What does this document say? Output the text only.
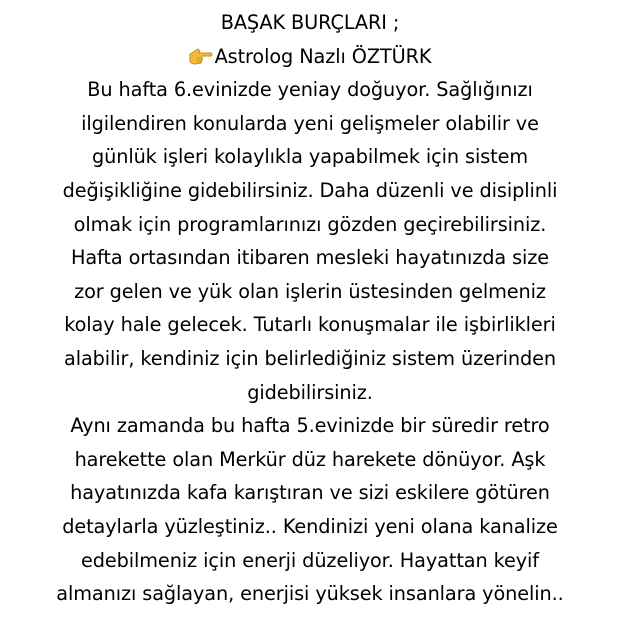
BAŞAK BURÇLARI ;
Astrolog Nazlı ÖZTÜRK
Bu hafta 6.evinizde yeniay doğuyor. Sağlığınızı
ilgilendiren konularda yeni gelişmeler olabilir ve
günlük işleri kolaylıkla yapabilmek için sistem
değişikliğine gidebilirsiniz. Daha düzenli ve disiplinli
olmak için programlarınızı gözden geçirebilirsiniz.
Hafta ortasından itibaren mesleki hayatınızda size
zor gelen ve yük olan işlerin üstesinden gelmeniz
kolay hale gelecek. Tutarlı konuşmalar ile işbirlikleri
alabilir, kendiniz için belirlediğiniz sistem üzerinden
gidebilirsiniz.
Aynı zamanda bu hafta 5.evinizde bir süredir retro
harekette olan Merkür düz harekete dönüyor. Aşk
hayatınızda kafa karıştıran ve sizi eskilere götüren
detaylarla yüzleştiniz.. Kendinizi yeni olana kanalize
edebilmeniz için enerji düzeliyor. Hayattan keyif
almanızı sağlayan, enerjisi yüksek insanlara yönelin..
